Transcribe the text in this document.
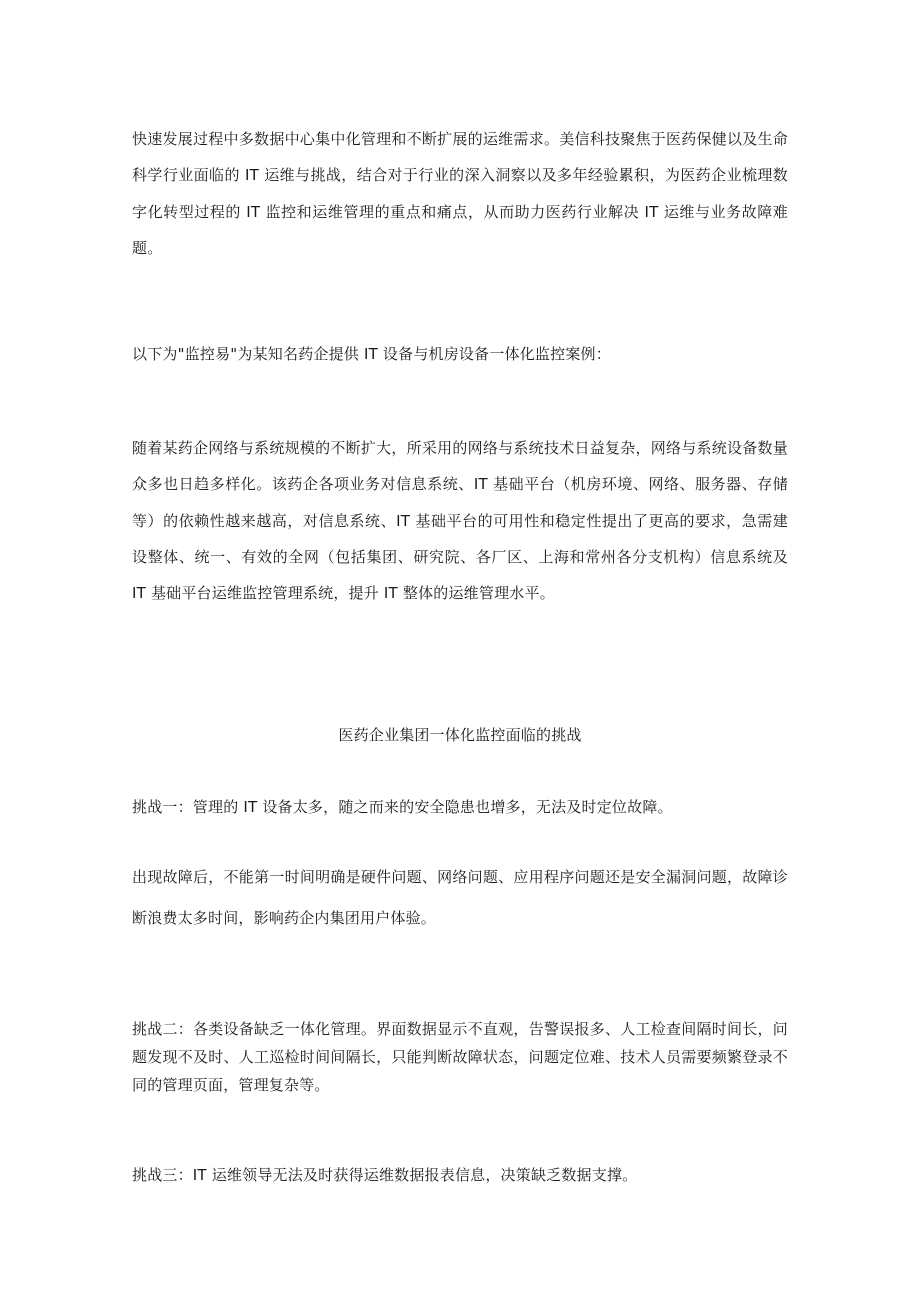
快速发展过程中多数据中心集中化管理和不断扩展的运维需求。美信科技聚焦于医药保健以及生命科学行业面临的 IT 运维与挑战，结合对于行业的深入洞察以及多年经验累积，为医药企业梳理数字化转型过程的 IT 监控和运维管理的重点和痛点，从而助力医药行业解决 IT 运维与业务故障难题。

以下为"监控易"为某知名药企提供 IT 设备与机房设备一体化监控案例：

随着某药企网络与系统规模的不断扩大，所采用的网络与系统技术日益复杂，网络与系统设备数量众多也日趋多样化。该药企各项业务对信息系统、IT 基础平台（机房环境、网络、服务器、存储等）的依赖性越来越高，对信息系统、IT 基础平台的可用性和稳定性提出了更高的要求，急需建设整体、统一、有效的全网（包括集团、研究院、各厂区、上海和常州各分支机构）信息系统及 IT 基础平台运维监控管理系统，提升 IT 整体的运维管理水平。

医药企业集团一体化监控面临的挑战

挑战一：管理的 IT 设备太多，随之而来的安全隐患也增多，无法及时定位故障。

出现故障后，不能第一时间明确是硬件问题、网络问题、应用程序问题还是安全漏洞问题，故障诊断浪费太多时间，影响药企内集团用户体验。

挑战二：各类设备缺乏一体化管理。界面数据显示不直观，告警误报多、人工检查间隔时间长，问题发现不及时、人工巡检时间间隔长，只能判断故障状态，问题定位难、技术人员需要频繁登录不同的管理页面，管理复杂等。

挑战三：IT 运维领导无法及时获得运维数据报表信息，决策缺乏数据支撑。
